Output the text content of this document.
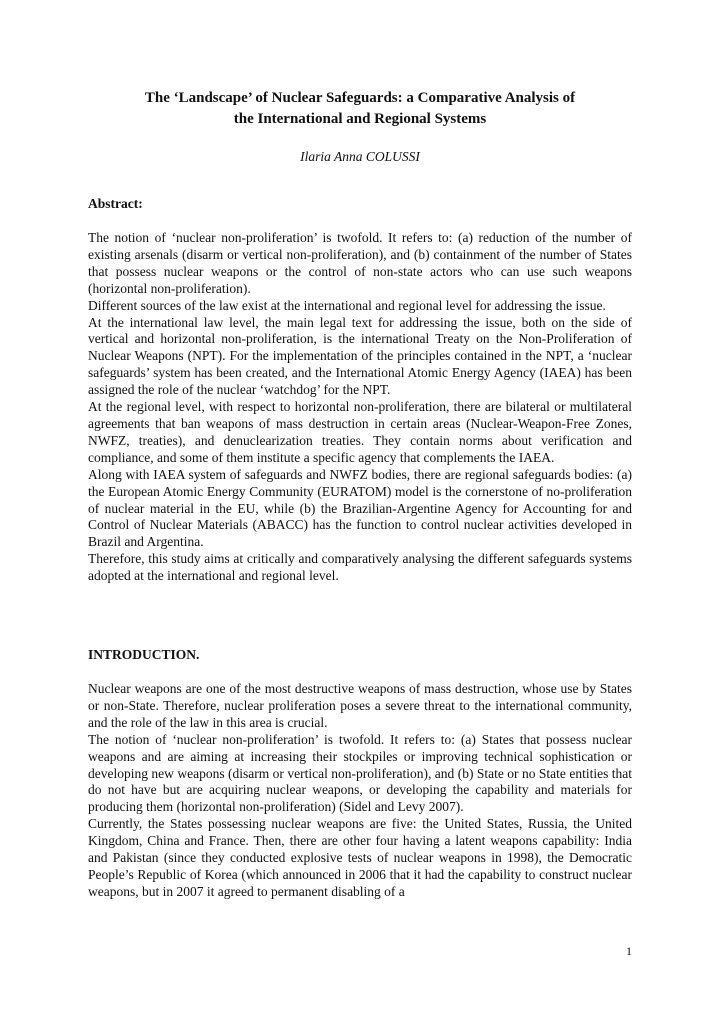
The ‘Landscape’ of Nuclear Safeguards: a Comparative Analysis of
the International and Regional Systems
Ilaria Anna COLUSSI
Abstract:

The notion of ‘nuclear non-proliferation’ is twofold. It refers to: (a) reduction of the number of existing arsenals (disarm or vertical non-proliferation), and (b) containment of the number of States that possess nuclear weapons or the control of non-state actors who can use such weapons (horizontal non-proliferation).

Different sources of the law exist at the international and regional level for addressing the issue.

At the international law level, the main legal text for addressing the issue, both on the side of vertical and horizontal non-proliferation, is the international Treaty on the Non-Proliferation of Nuclear Weapons (NPT). For the implementation of the principles contained in the NPT, a ‘nuclear safeguards’ system has been created, and the International Atomic Energy Agency (IAEA) has been assigned the role of the nuclear ‘watchdog’ for the NPT.

At the regional level, with respect to horizontal non-proliferation, there are bilateral or multilateral agreements that ban weapons of mass destruction in certain areas (Nuclear-Weapon-Free Zones, NWFZ, treaties), and denuclearization treaties. They contain norms about verification and compliance, and some of them institute a specific agency that complements the IAEA.

Along with IAEA system of safeguards and NWFZ bodies, there are regional safeguards bodies: (a) the European Atomic Energy Community (EURATOM) model is the cornerstone of no-proliferation of nuclear material in the EU, while (b) the Brazilian-Argentine Agency for Accounting for and Control of Nuclear Materials (ABACC) has the function to control nuclear activities developed in Brazil and Argentina.

Therefore, this study aims at critically and comparatively analysing the different safeguards systems adopted at the international and regional level.

INTRODUCTION.

Nuclear weapons are one of the most destructive weapons of mass destruction, whose use by States or non-State. Therefore, nuclear proliferation poses a severe threat to the international community, and the role of the law in this area is crucial.

The notion of ‘nuclear non-proliferation’ is twofold. It refers to: (a) States that possess nuclear weapons and are aiming at increasing their stockpiles or improving technical sophistication or developing new weapons (disarm or vertical non-proliferation), and (b) State or no State entities that do not have but are acquiring nuclear weapons, or developing the capability and materials for producing them (horizontal non-proliferation) (Sidel and Levy 2007).

Currently, the States possessing nuclear weapons are five: the United States, Russia, the United Kingdom, China and France. Then, there are other four having a latent weapons capability: India and Pakistan (since they conducted explosive tests of nuclear weapons in 1998), the Democratic People’s Republic of Korea (which announced in 2006 that it had the capability to construct nuclear weapons, but in 2007 it agreed to permanent disabling of a

1
